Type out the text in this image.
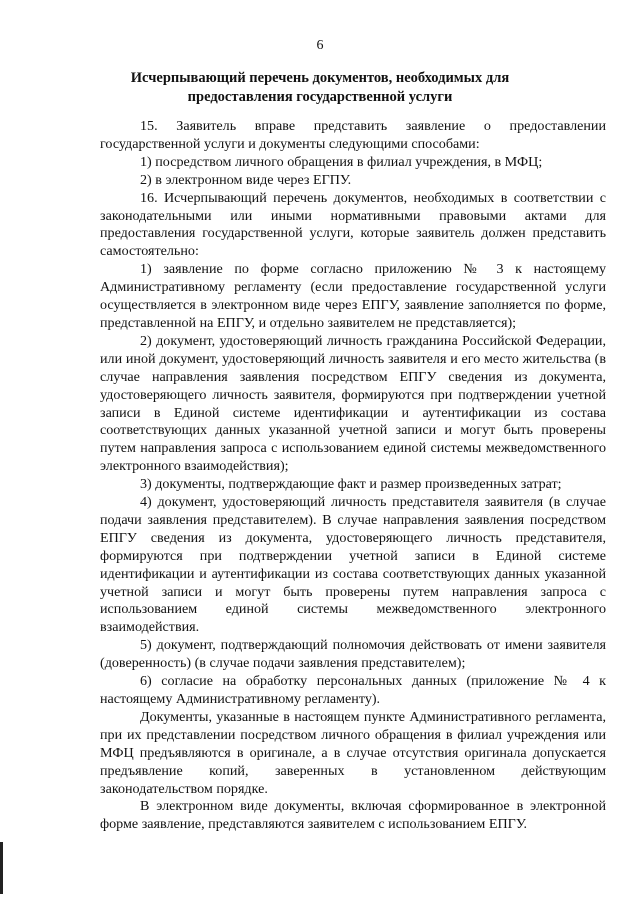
6
Исчерпывающий перечень документов, необходимых для
предоставления государственной услуги

15. Заявитель вправе представить заявление о предоставлении государственной услуги и документы следующими способами:

1) посредством личного обращения в филиал учреждения, в МФЦ;

2) в электронном виде через ЕГПУ.

16. Исчерпывающий перечень документов, необходимых в соответствии с законодательными или иными нормативными правовыми актами для предоставления государственной услуги, которые заявитель должен представить самостоятельно:

1) заявление по форме согласно приложению № 3 к настоящему Административному регламенту (если предоставление государственной услуги осуществляется в электронном виде через ЕПГУ, заявление заполняется по форме, представленной на ЕПГУ, и отдельно заявителем не представляется);

2) документ, удостоверяющий личность гражданина Российской Федерации, или иной документ, удостоверяющий личность заявителя и его место жительства (в случае направления заявления посредством ЕПГУ сведения из документа, удостоверяющего личность заявителя, формируются при подтверждении учетной записи в Единой системе идентификации и аутентификации из состава соответствующих данных указанной учетной записи и могут быть проверены путем направления запроса с использованием единой системы межведомственного электронного взаимодействия);

3) документы, подтверждающие факт и размер произведенных затрат;

4) документ, удостоверяющий личность представителя заявителя (в случае подачи заявления представителем). В случае направления заявления посредством ЕПГУ сведения из документа, удостоверяющего личность представителя, формируются при подтверждении учетной записи в Единой системе идентификации и аутентификации из состава соответствующих данных указанной учетной записи и могут быть проверены путем направления запроса с использованием единой системы межведомственного электронного взаимодействия.

5) документ, подтверждающий полномочия действовать от имени заявителя (доверенность) (в случае подачи заявления представителем);

6) согласие на обработку персональных данных (приложение № 4 к настоящему Административному регламенту).

Документы, указанные в настоящем пункте Административного регламента, при их представлении посредством личного обращения в филиал учреждения или МФЦ предъявляются в оригинале, а в случае отсутствия оригинала допускается предъявление копий, заверенных в установленном действующим законодательством порядке.

В электронном виде документы, включая сформированное в электронной форме заявление, представляются заявителем с использованием ЕПГУ.
